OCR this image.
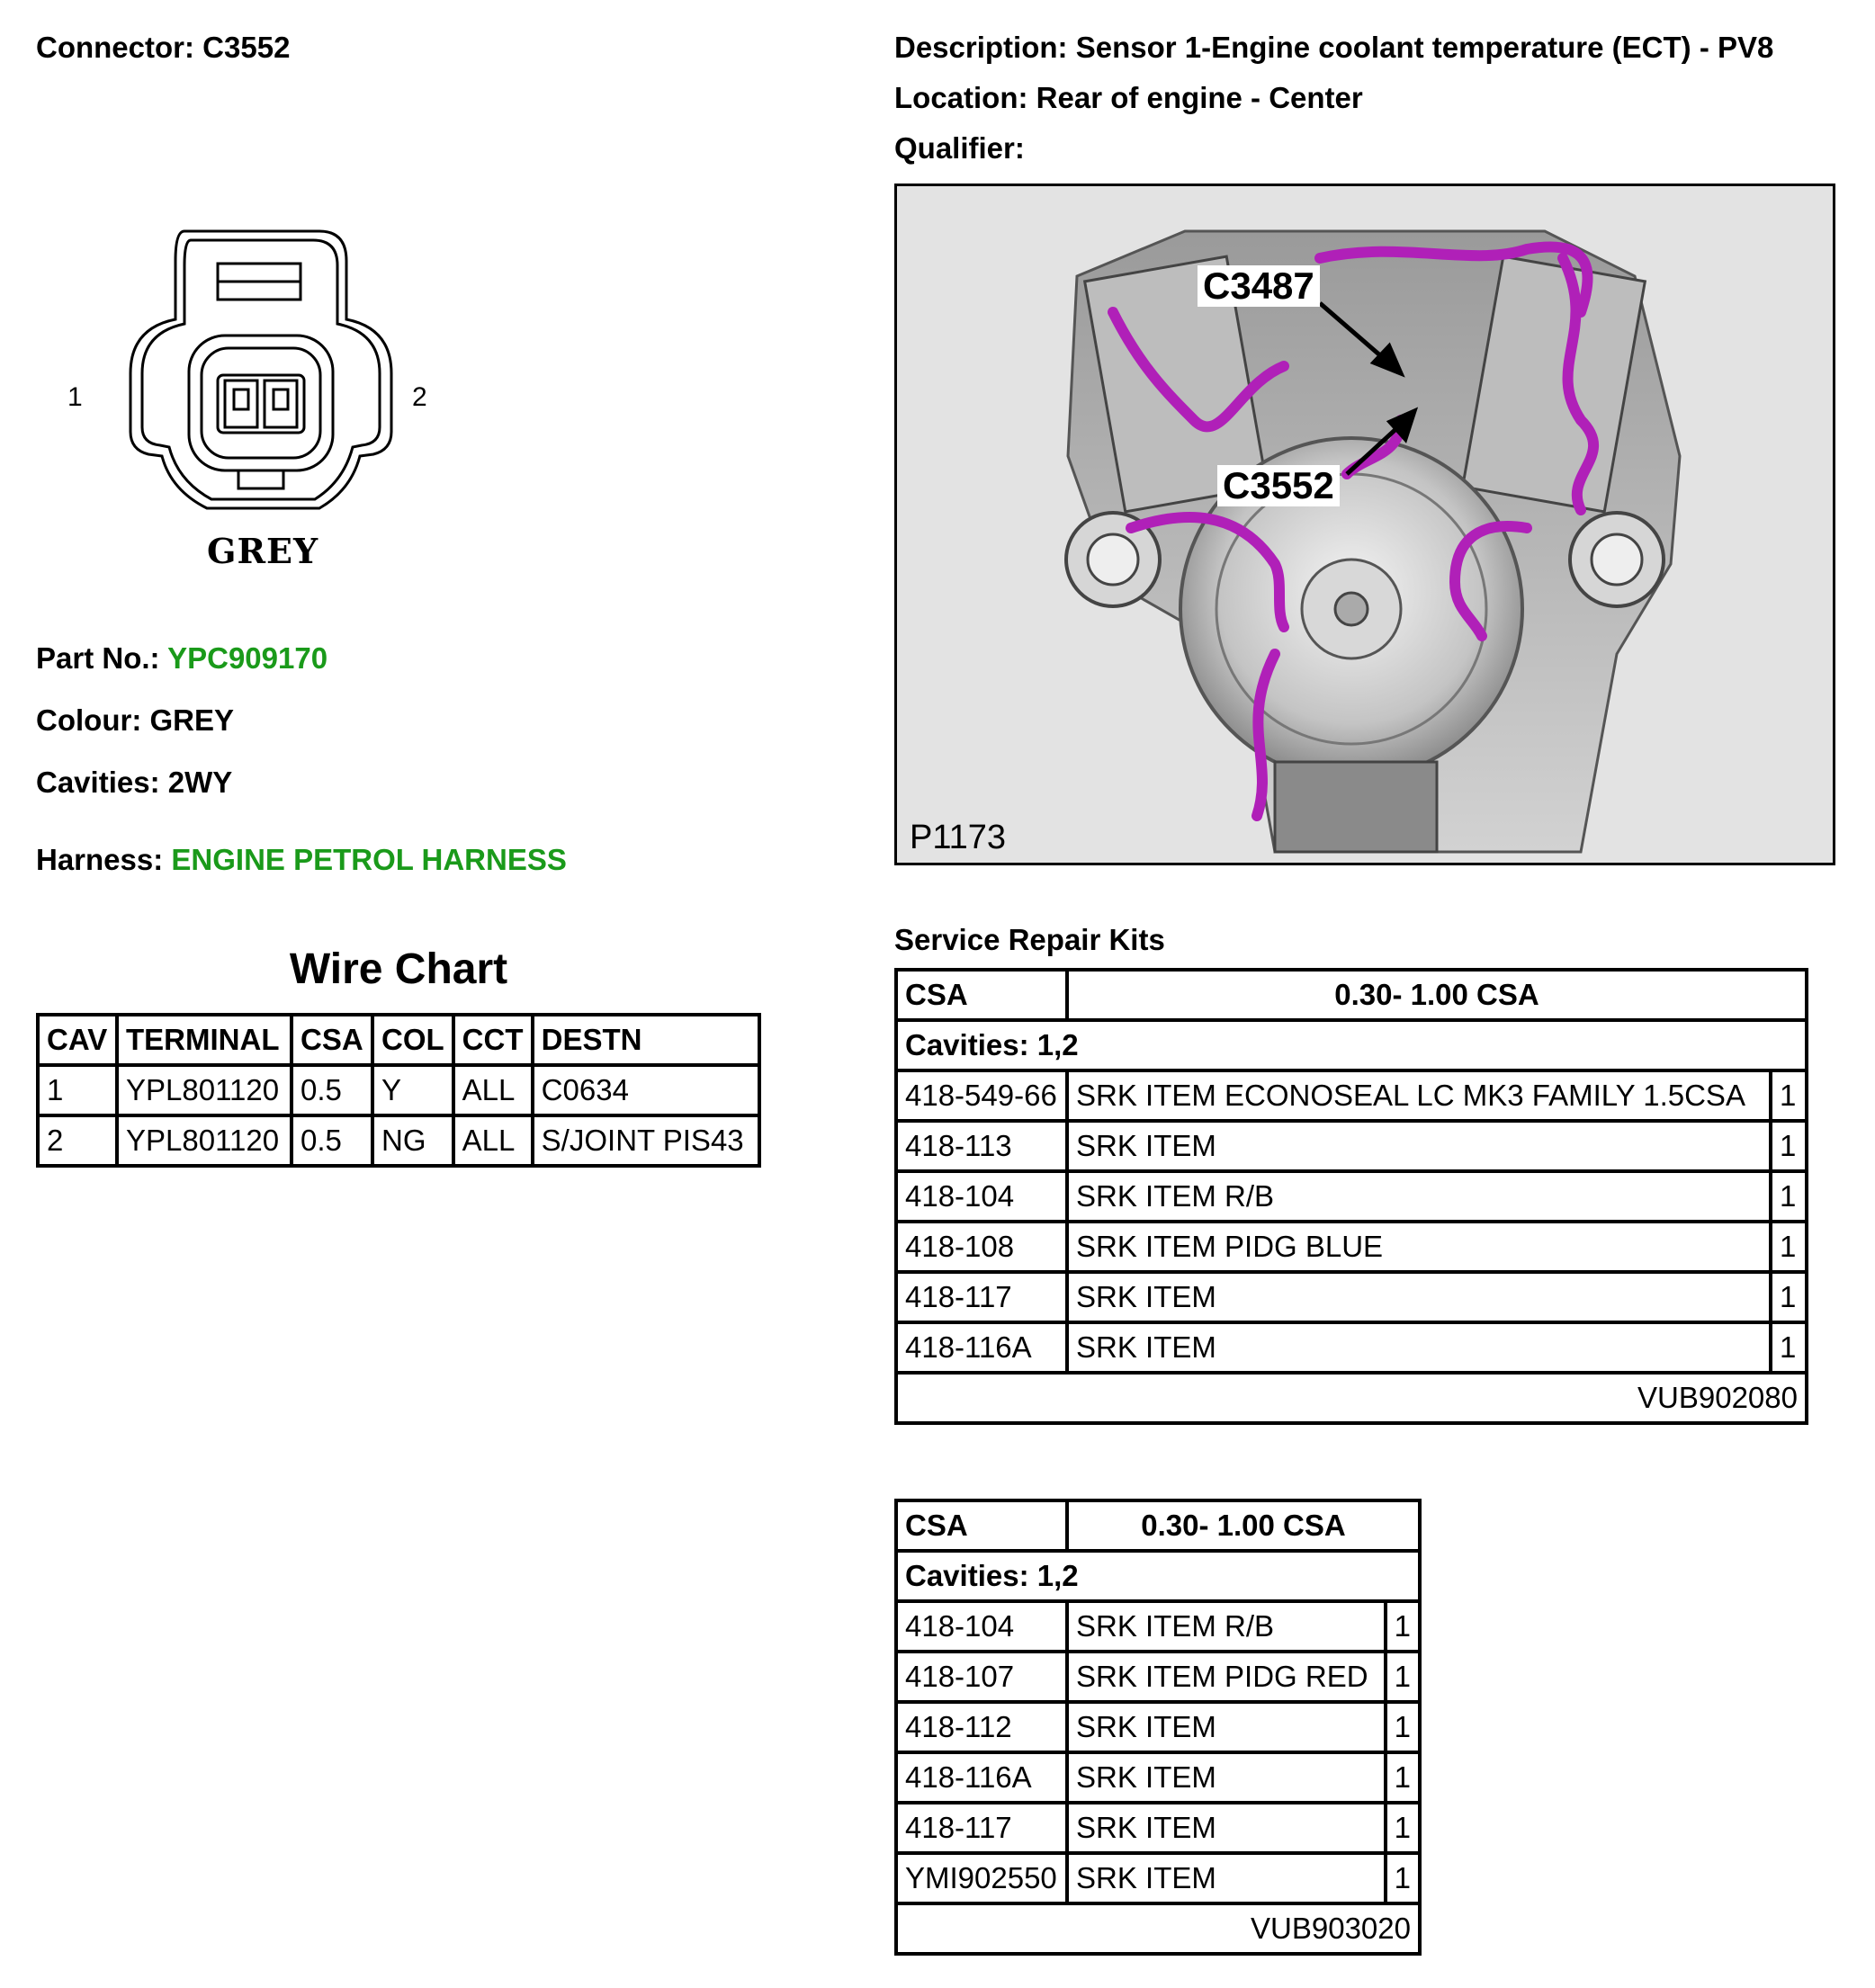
Connector: C3552	Description: Sensor 1-Engine coolant temperature (ECT) - PV8
Location: Rear of engine - Center
Qualifier:
1	2
GREY
Part No.: YPC909170
Colour: GREY
Cavities: 2WY
Harness: ENGINE PETROL HARNESS
C3487
C3552
P1173
Wire Chart
CAV	TERMINAL	CSA	COL	CCT	DESTN
1	YPL801120	0.5	Y	ALL	C0634
2	YPL801120	0.5	NG	ALL	S/JOINT PIS43
Service Repair Kits
CSA	0.30- 1.00 CSA	
Cavities: 1,2		
418-549-66	SRK ITEM ECONOSEAL LC MK3 FAMILY 1.5CSA	1
418-113	SRK ITEM	1
418-104	SRK ITEM R/B	1
418-108	SRK ITEM PIDG BLUE	1
418-117	SRK ITEM	1
418-116A	SRK ITEM	1
VUB902080		
CSA	0.30- 1.00 CSA	
Cavities: 1,2		
418-104	SRK ITEM R/B	1
418-107	SRK ITEM PIDG RED	1
418-112	SRK ITEM	1
418-116A	SRK ITEM	1
418-117	SRK ITEM	1
YMI902550	SRK ITEM	1
VUB903020		
